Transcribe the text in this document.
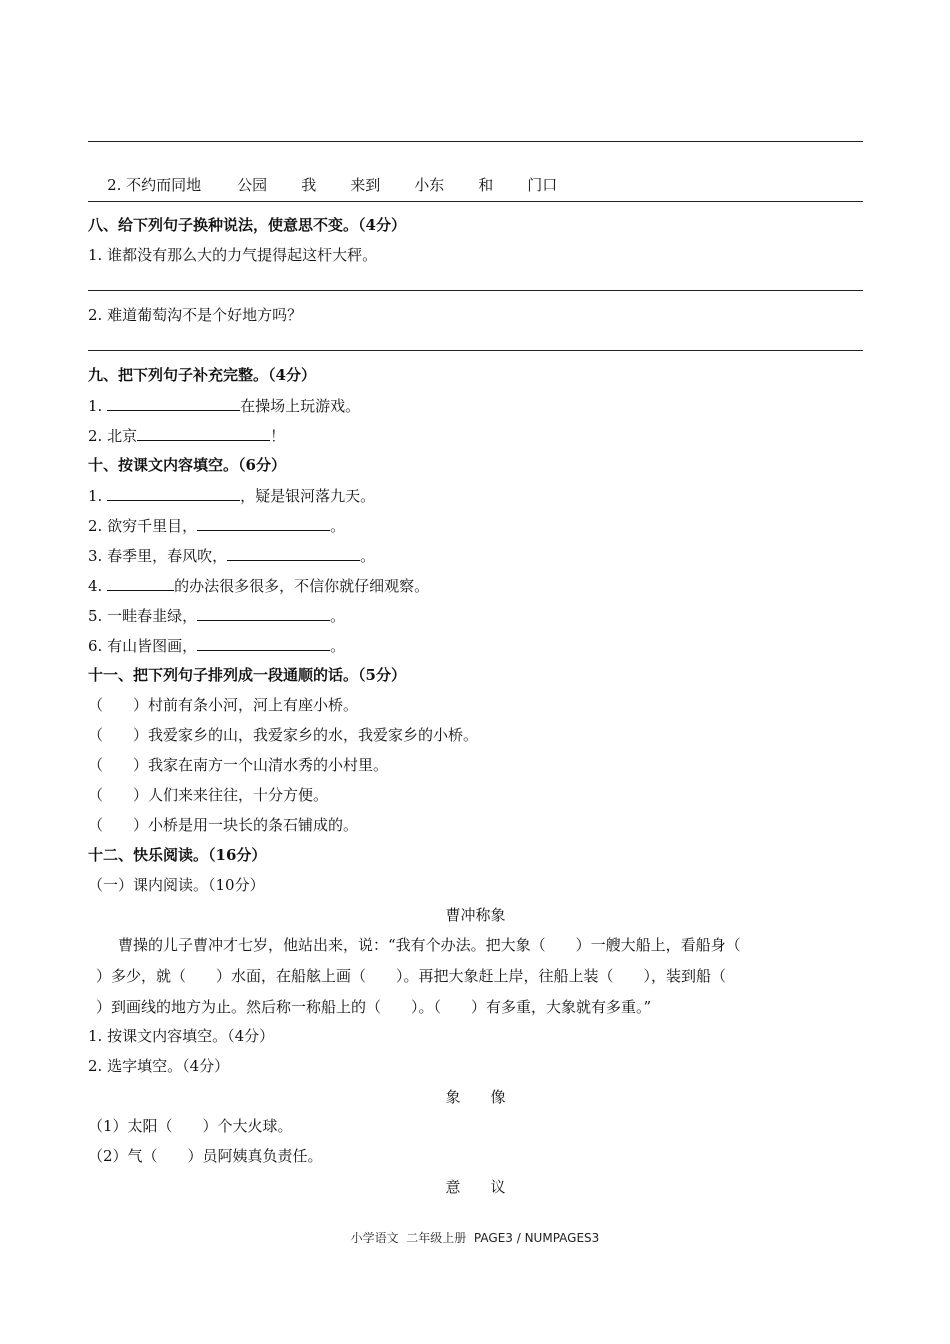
2. 不约而同地 公园 我 来到 小东 和 门口

八、给下列句子换种说法，使意思不变。（4分）
1. 谁都没有那么大的力气提得起这杆大秤。
2. 难道葡萄沟不是个好地方吗？
九、把下列句子补充完整。（4分）
1.	在操场上玩游戏。
2. 北京	！
十、按课文内容填空。（6分）
1.	，疑是银河落九天。
2. 欲穷千里目，	。
3. 春季里，春风吹，	。
4.	的办法很多很多，不信你就仔细观察。
5. 一畦春韭绿，	。
6. 有山皆图画，	。
十一、把下列句子排列成一段通顺的话。（5分）
（　　）村前有条小河，河上有座小桥。
（　　）我爱家乡的山，我爱家乡的水，我爱家乡的小桥。
（　　）我家在南方一个山清水秀的小村里。
（　　）人们来来往往，十分方便。
（　　）小桥是用一块长的条石铺成的。
十二、快乐阅读。（16分）
（一）课内阅读。（10分）
曹冲称象
　　曹操的儿子曹冲才七岁，他站出来，说：“我有个办法。把大象（　　）一艘大船上，看船身（
）多少，就（　　）水面，在船舷上画（　　）。再把大象赶上岸，往船上装（　　），装到船（
）到画线的地方为止。然后称一称船上的（　　）。（　　）有多重，大象就有多重。”
1. 按课文内容填空。（4分）
2. 选字填空。（4分）
象　　像
（1）太阳（　　）个大火球。
（2）气（　　）员阿姨真负责任。
意　　议
小学语文  二年级上册  PAGE3 / NUMPAGES3
